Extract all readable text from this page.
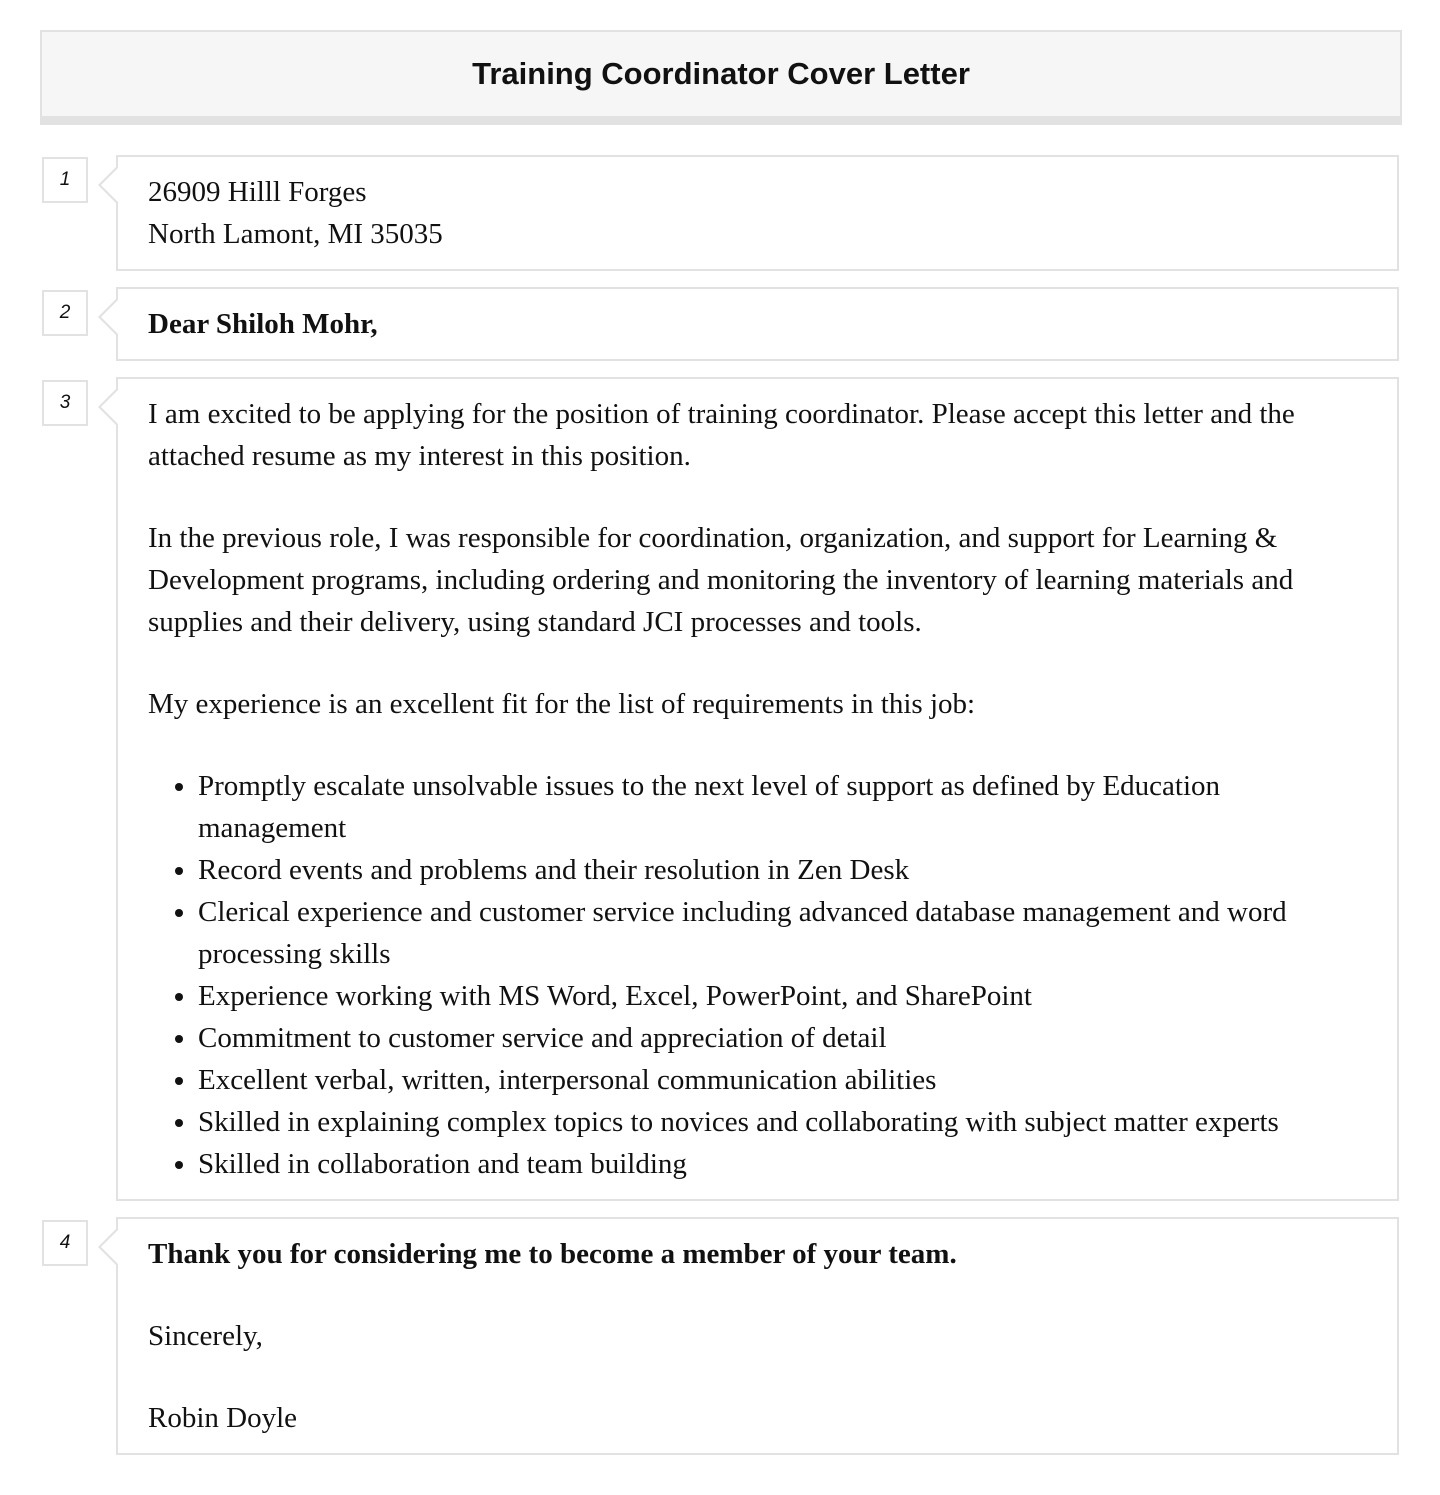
Training Coordinator Cover Letter
1	26909 Hilll Forges
North Lamont, MI 35035
2	Dear Shiloh Mohr,
3	I am excited to be applying for the position of training coordinator. Please accept this letter and the attached resume as my interest in this position.

In the previous role, I was responsible for coordination, organization, and support for Learning & Development programs, including ordering and monitoring the inventory of learning materials and supplies and their delivery, using standard JCI processes and tools.

My experience is an excellent fit for the list of requirements in this job:

• Promptly escalate unsolvable issues to the next level of support as defined by Education management
• Record events and problems and their resolution in Zen Desk
• Clerical experience and customer service including advanced database management and word processing skills
• Experience working with MS Word, Excel, PowerPoint, and SharePoint
• Commitment to customer service and appreciation of detail
• Excellent verbal, written, interpersonal communication abilities
• Skilled in explaining complex topics to novices and collaborating with subject matter experts
• Skilled in collaboration and team building
4	Thank you for considering me to become a member of your team.

Sincerely,

Robin Doyle
